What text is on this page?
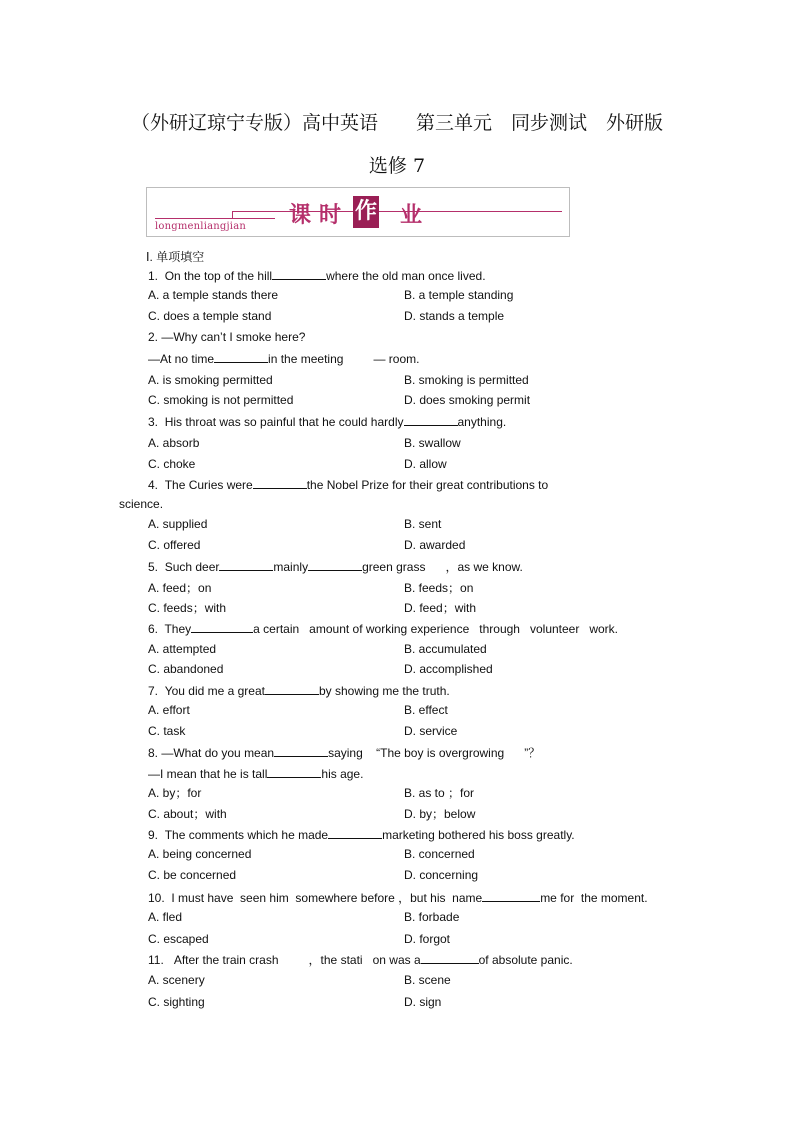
（外研辽琼宁专版）高中英语　　第三单元　同步测试　外研版
选修 7
longmenliangjian 课 时 作 业
Ⅰ. 单项填空
1. On the top of the hill	where the old man once lived.
A. a temple stands there	B. a temple standing
C. does a temple stand	D. stands a temple
2. —Why can’t I smoke here?
—At no time	in the meeting	— room.
A. is smoking permitted	B. smoking is permitted
C. smoking is not permitted	D. does smoking permit
3. His throat was so painful that he could hardly	anything.
A. absorb	B. swallow
C. choke	D. allow
4. The Curies were	the Nobel Prize for their great contributions to
science.
A. supplied	B. sent
C. offered	D. awarded
5. Such deer	mainly	green grass ，as we know.
A. feed；on	B. feeds；on
C. feeds；with	D. feed；with
6. They	a certain   amount of working experience   through   volunteer   work.
A. attempted	B. accumulated
C. abandoned	D. accomplished
7. You did me a great	by showing me the truth.
A. effort	B. effect
C. task	D. service
8. —What do you mean	saying “The boy is overgrowing ”？
—I mean that he is tall	his age.
A. by；for	B. as to ；for
C. about；with	D. by；below
9. The comments which he made	marketing bothered his boss greatly.
A. being concerned	B. concerned
C. be concerned	D. concerning
10. I must have  seen him  somewhere before ，but his  name	me for  the moment.
A. fled	B. forbade
C. escaped	D. forgot
11. After the train crash	，the stati on was a	of absolute panic.
A. scenery	B. scene
C. sighting	D. sign
